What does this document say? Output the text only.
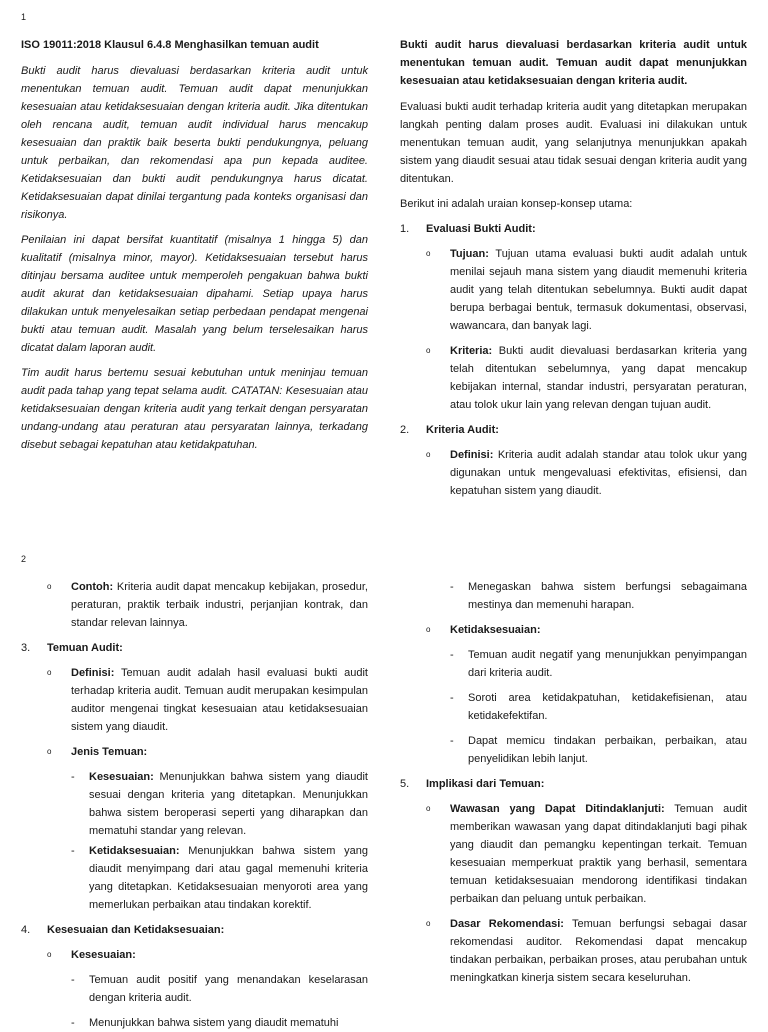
1

ISO 19011:2018 Klausul 6.4.8 Menghasilkan temuan audit

Bukti audit harus dievaluasi berdasarkan kriteria audit untuk menentukan temuan audit. Temuan audit dapat menunjukkan kesesuaian atau ketidaksesuaian dengan kriteria audit. Jika ditentukan oleh rencana audit, temuan audit individual harus mencakup kesesuaian dan praktik baik beserta bukti pendukungnya, peluang untuk perbaikan, dan rekomendasi apa pun kepada auditee. Ketidaksesuaian dan bukti audit pendukungnya harus dicatat. Ketidaksesuaian dapat dinilai tergantung pada konteks organisasi dan risikonya.

Penilaian ini dapat bersifat kuantitatif (misalnya 1 hingga 5) dan kualitatif (misalnya minor, mayor). Ketidaksesuaian tersebut harus ditinjau bersama auditee untuk memperoleh pengakuan bahwa bukti audit akurat dan ketidaksesuaian dipahami. Setiap upaya harus dilakukan untuk menyelesaikan setiap perbedaan pendapat mengenai bukti atau temuan audit. Masalah yang belum terselesaikan harus dicatat dalam laporan audit.

Tim audit harus bertemu sesuai kebutuhan untuk meninjau temuan audit pada tahap yang tepat selama audit. CATATAN: Kesesuaian atau ketidaksesuaian dengan kriteria audit yang terkait dengan persyaratan undang-undang atau peraturan atau persyaratan lainnya, terkadang disebut sebagai kepatuhan atau ketidakpatuhan.

Bukti audit harus dievaluasi berdasarkan kriteria audit untuk menentukan temuan audit. Temuan audit dapat menunjukkan kesesuaian atau ketidaksesuaian dengan kriteria audit.

Evaluasi bukti audit terhadap kriteria audit yang ditetapkan merupakan langkah penting dalam proses audit. Evaluasi ini dilakukan untuk menentukan temuan audit, yang selanjutnya menunjukkan apakah sistem yang diaudit sesuai atau tidak sesuai dengan kriteria audit yang ditentukan.

Berikut ini adalah uraian konsep-konsep utama:

1. Evaluasi Bukti Audit:
o Tujuan: Tujuan utama evaluasi bukti audit adalah untuk menilai sejauh mana sistem yang diaudit memenuhi kriteria audit yang telah ditentukan sebelumnya. Bukti audit dapat berupa berbagai bentuk, termasuk dokumentasi, observasi, wawancara, dan banyak lagi.

o Kriteria: Bukti audit dievaluasi berdasarkan kriteria yang telah ditentukan sebelumnya, yang dapat mencakup kebijakan internal, standar industri, persyaratan peraturan, atau tolok ukur lain yang relevan dengan tujuan audit.

2. Kriteria Audit:
o Definisi: Kriteria audit adalah standar atau tolok ukur yang digunakan untuk mengevaluasi efektivitas, efisiensi, dan kepatuhan sistem yang diaudit.

2
o Contoh: Kriteria audit dapat mencakup kebijakan, prosedur, peraturan, praktik terbaik industri, perjanjian kontrak, dan standar relevan lainnya.

3. Temuan Audit:
o Definisi: Temuan audit adalah hasil evaluasi bukti audit terhadap kriteria audit. Temuan audit merupakan kesimpulan auditor mengenai tingkat kesesuaian atau ketidaksesuaian sistem yang diaudit.

o Jenis Temuan:

- Kesesuaian: Menunjukkan bahwa sistem yang diaudit sesuai dengan kriteria yang ditetapkan. Menunjukkan bahwa sistem beroperasi seperti yang diharapkan dan mematuhi standar yang relevan.

- Ketidaksesuaian: Menunjukkan bahwa sistem yang diaudit menyimpang dari atau gagal memenuhi kriteria yang ditetapkan. Ketidaksesuaian menyoroti area yang memerlukan perbaikan atau tindakan korektif.

4. Kesesuaian dan Ketidaksesuaian:
o Kesesuaian:

- Temuan audit positif yang menandakan keselarasan dengan kriteria audit.

- Menunjukkan bahwa sistem yang diaudit mematuhi

- Menegaskan bahwa sistem berfungsi sebagaimana mestinya dan memenuhi harapan.

o Ketidaksesuaian:

- Temuan audit negatif yang menunjukkan penyimpangan dari kriteria audit.

- Soroti area ketidakpatuhan, ketidakefisienan, atau ketidakefektifan.

- Dapat memicu tindakan perbaikan, perbaikan, atau penyelidikan lebih lanjut.

5. Implikasi dari Temuan:
o Wawasan yang Dapat Ditindaklanjuti: Temuan audit memberikan wawasan yang dapat ditindaklanjuti bagi pihak yang diaudit dan pemangku kepentingan terkait. Temuan kesesuaian memperkuat praktik yang berhasil, sementara temuan ketidaksesuaian mendorong identifikasi tindakan perbaikan dan peluang untuk perbaikan.

o Dasar Rekomendasi: Temuan berfungsi sebagai dasar rekomendasi auditor. Rekomendasi dapat mencakup tindakan perbaikan, perbaikan proses, atau perubahan untuk meningkatkan kinerja sistem secara keseluruhan.
